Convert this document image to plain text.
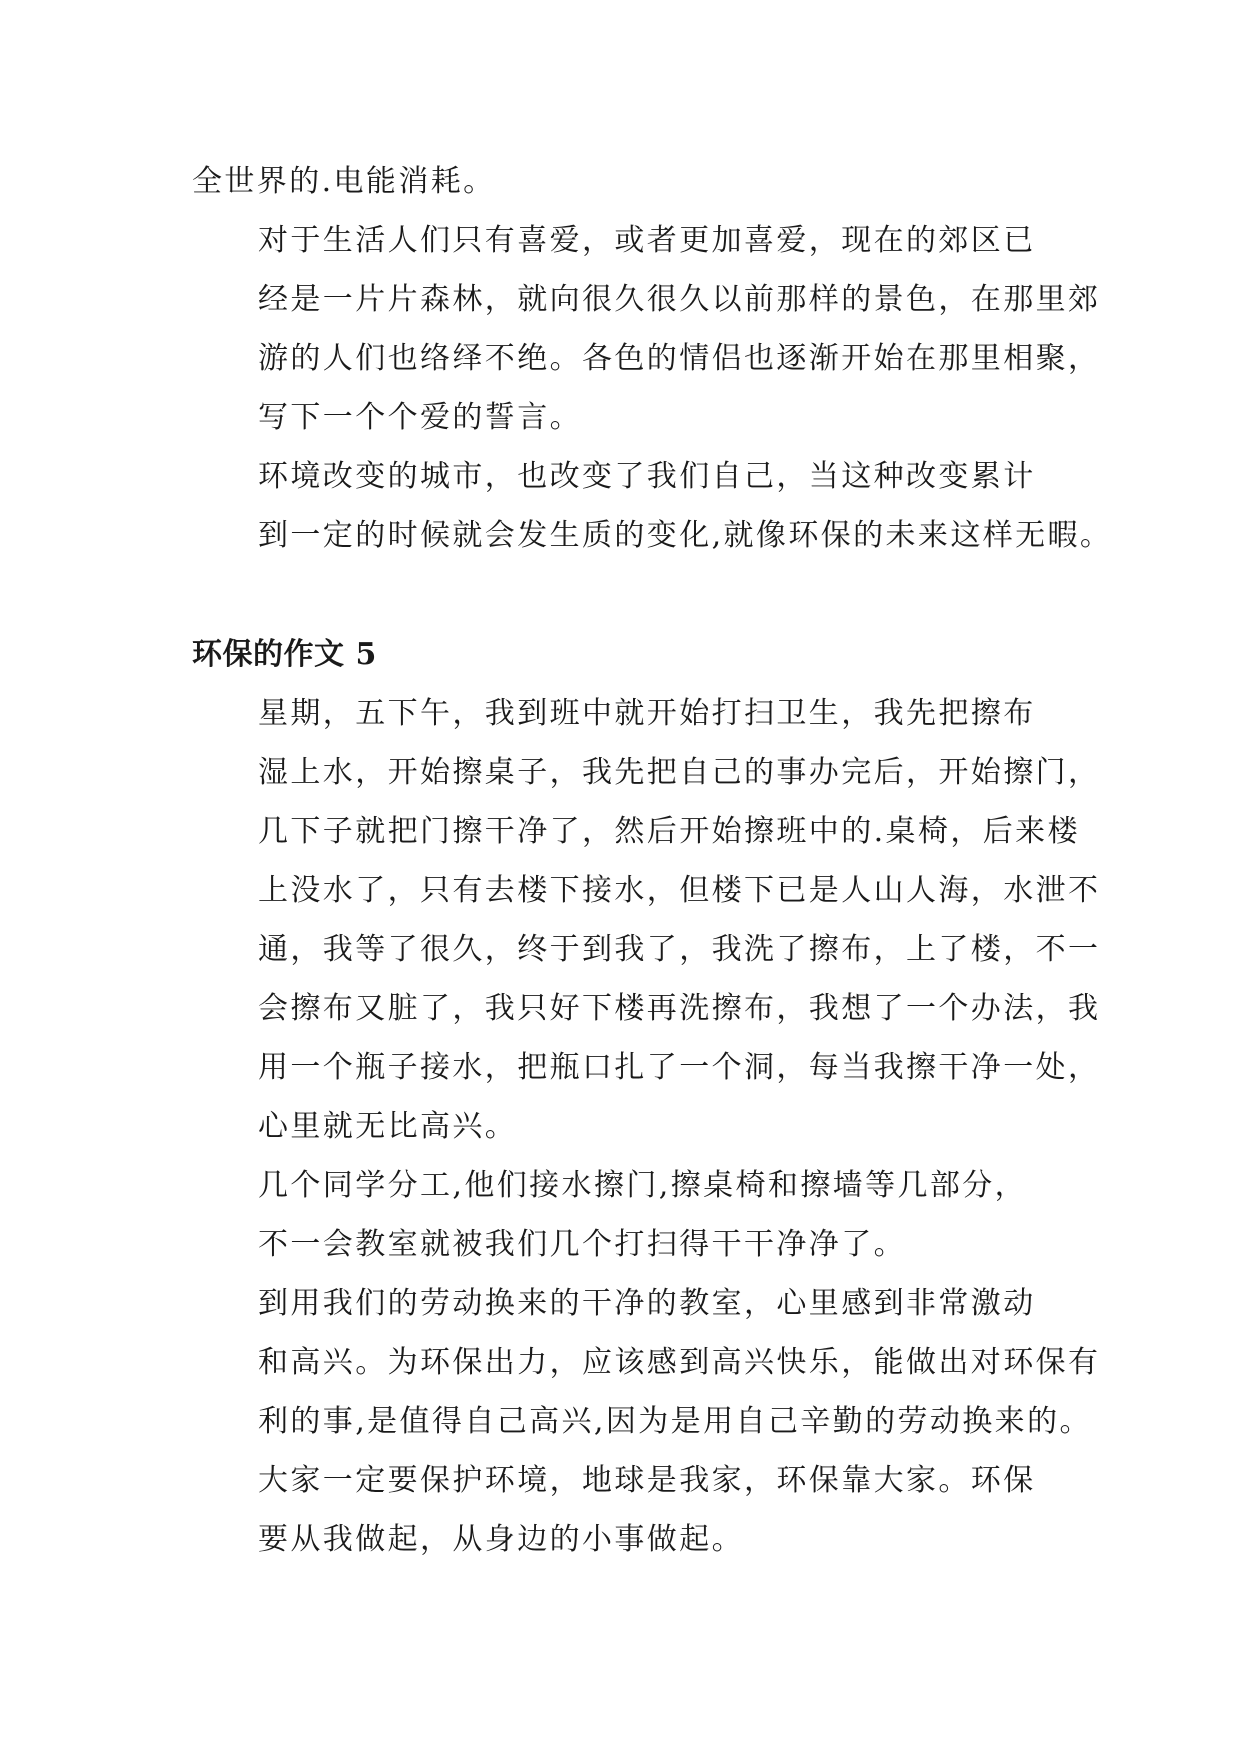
全世界的.电能消耗。

对于生活人们只有喜爱，或者更加喜爱，现在的郊区已
经是一片片森林，就向很久很久以前那样的景色，在那里郊
游的人们也络绎不绝。各色的情侣也逐渐开始在那里相聚，
写下一个个爱的誓言。

环境改变的城市，也改变了我们自己，当这种改变累计
到一定的时候就会发生质的变化,就像环保的未来这样无暇。

环保的作文 5

星期，五下午，我到班中就开始打扫卫生，我先把擦布
湿上水，开始擦桌子，我先把自己的事办完后，开始擦门，
几下子就把门擦干净了，然后开始擦班中的.桌椅，后来楼
上没水了，只有去楼下接水，但楼下已是人山人海，水泄不
通，我等了很久，终于到我了，我洗了擦布，上了楼，不一
会擦布又脏了，我只好下楼再洗擦布，我想了一个办法，我
用一个瓶子接水，把瓶口扎了一个洞，每当我擦干净一处，
心里就无比高兴。

几个同学分工,他们接水擦门,擦桌椅和擦墙等几部分，
不一会教室就被我们几个打扫得干干净净了。

到用我们的劳动换来的干净的教室，心里感到非常激动
和高兴。为环保出力，应该感到高兴快乐，能做出对环保有
利的事,是值得自己高兴,因为是用自己辛勤的劳动换来的。

大家一定要保护环境，地球是我家，环保靠大家。环保
要从我做起，从身边的小事做起。
